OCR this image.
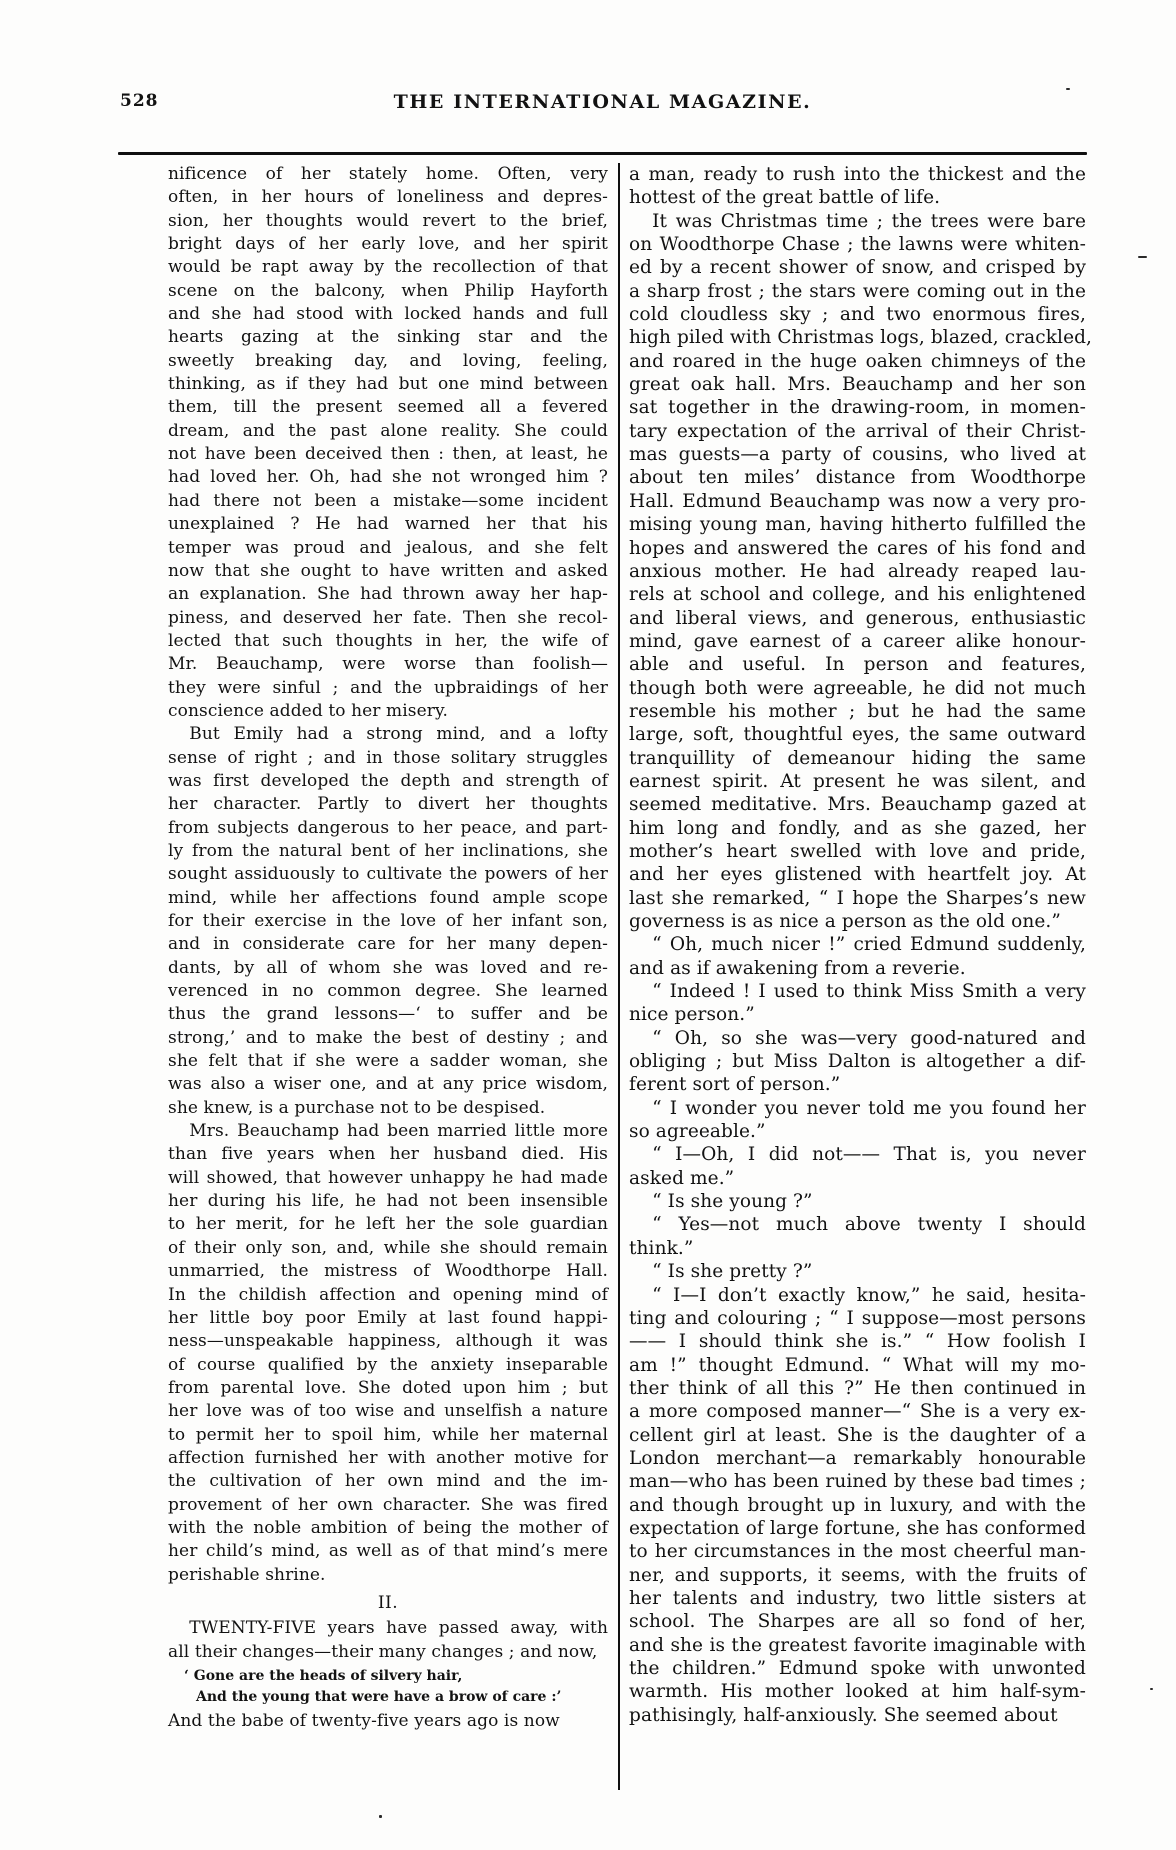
528	THE INTERNATIONAL MAGAZINE.
nificence of her stately home. Often, very
often, in her hours of loneliness and depres-
sion, her thoughts would revert to the brief,
bright days of her early love, and her spirit
would be rapt away by the recollection of that
scene on the balcony, when Philip Hayforth
and she had stood with locked hands and full
hearts gazing at the sinking star and the
sweetly breaking day, and loving, feeling,
thinking, as if they had but one mind between
them, till the present seemed all a fevered
dream, and the past alone reality. She could
not have been deceived then : then, at least, he
had loved her. Oh, had she not wronged him ?
had there not been a mistake—some incident
unexplained ? He had warned her that his
temper was proud and jealous, and she felt
now that she ought to have written and asked
an explanation. She had thrown away her hap-
piness, and deserved her fate. Then she recol-
lected that such thoughts in her, the wife of
Mr. Beauchamp, were worse than foolish—
they were sinful ; and the upbraidings of her
conscience added to her misery.
But Emily had a strong mind, and a lofty
sense of right ; and in those solitary struggles
was first developed the depth and strength of
her character. Partly to divert her thoughts
from subjects dangerous to her peace, and part-
ly from the natural bent of her inclinations, she
sought assiduously to cultivate the powers of her
mind, while her affections found ample scope
for their exercise in the love of her infant son,
and in considerate care for her many depen-
dants, by all of whom she was loved and re-
verenced in no common degree. She learned
thus the grand lessons—‘ to suffer and be
strong,’ and to make the best of destiny ; and
she felt that if she were a sadder woman, she
was also a wiser one, and at any price wisdom,
she knew, is a purchase not to be despised.
Mrs. Beauchamp had been married little more
than five years when her husband died. His
will showed, that however unhappy he had made
her during his life, he had not been insensible
to her merit, for he left her the sole guardian
of their only son, and, while she should remain
unmarried, the mistress of Woodthorpe Hall.
In the childish affection and opening mind of
her little boy poor Emily at last found happi-
ness—unspeakable happiness, although it was
of course qualified by the anxiety inseparable
from parental love. She doted upon him ; but
her love was of too wise and unselfish a nature
to permit her to spoil him, while her maternal
affection furnished her with another motive for
the cultivation of her own mind and the im-
provement of her own character. She was fired
with the noble ambition of being the mother of
her child’s mind, as well as of that mind’s mere
perishable shrine.
II.
TWENTY-FIVE years have passed away, with
all their changes—their many changes ; and now,
‘ Gone are the heads of silvery hair,
And the young that were have a brow of care :’
And the babe of twenty-five years ago is now
a man, ready to rush into the thickest and the
hottest of the great battle of life.
It was Christmas time ; the trees were bare
on Woodthorpe Chase ; the lawns were whiten-
ed by a recent shower of snow, and crisped by
a sharp frost ; the stars were coming out in the
cold cloudless sky ; and two enormous fires,
high piled with Christmas logs, blazed, crackled,
and roared in the huge oaken chimneys of the
great oak hall. Mrs. Beauchamp and her son
sat together in the drawing-room, in momen-
tary expectation of the arrival of their Christ-
mas guests—a party of cousins, who lived at
about ten miles’ distance from Woodthorpe
Hall. Edmund Beauchamp was now a very pro-
mising young man, having hitherto fulfilled the
hopes and answered the cares of his fond and
anxious mother. He had already reaped lau-
rels at school and college, and his enlightened
and liberal views, and generous, enthusiastic
mind, gave earnest of a career alike honour-
able and useful. In person and features,
though both were agreeable, he did not much
resemble his mother ; but he had the same
large, soft, thoughtful eyes, the same outward
tranquillity of demeanour hiding the same
earnest spirit. At present he was silent, and
seemed meditative. Mrs. Beauchamp gazed at
him long and fondly, and as she gazed, her
mother’s heart swelled with love and pride,
and her eyes glistened with heartfelt joy. At
last she remarked, “ I hope the Sharpes’s new
governess is as nice a person as the old one.”
“ Oh, much nicer !” cried Edmund suddenly,
and as if awakening from a reverie.
“ Indeed ! I used to think Miss Smith a very
nice person.”
“ Oh, so she was—very good-natured and
obliging ; but Miss Dalton is altogether a dif-
ferent sort of person.”
“ I wonder you never told me you found her
so agreeable.”
“ I—Oh, I did not—— That is, you never
asked me.”
“ Is she young ?”
“ Yes—not much above twenty I should
think.”
“ Is she pretty ?”
“ I—I don’t exactly know,” he said, hesita-
ting and colouring ; “ I suppose—most persons
—— I should think she is.” “ How foolish I
am !” thought Edmund. “ What will my mo-
ther think of all this ?” He then continued in
a more composed manner—“ She is a very ex-
cellent girl at least. She is the daughter of a
London merchant—a remarkably honourable
man—who has been ruined by these bad times ;
and though brought up in luxury, and with the
expectation of large fortune, she has conformed
to her circumstances in the most cheerful man-
ner, and supports, it seems, with the fruits of
her talents and industry, two little sisters at
school. The Sharpes are all so fond of her,
and she is the greatest favorite imaginable with
the children.” Edmund spoke with unwonted
warmth. His mother looked at him half-sym-
pathisingly, half-anxiously. She seemed about
